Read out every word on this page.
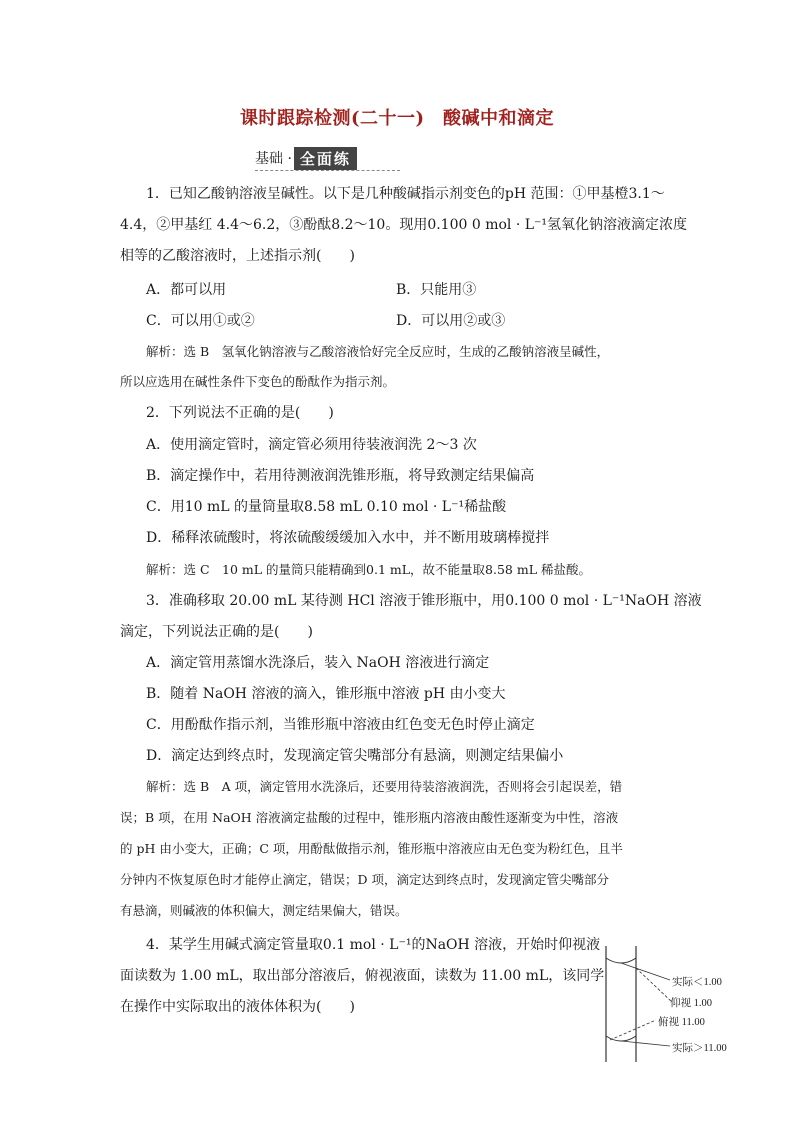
课时跟踪检测(二十一)　酸碱中和滴定
基础 · 全面练
1．已知乙酸钠溶液呈碱性。以下是几种酸碱指示剂变色的pH 范围：①甲基橙3.1～
4.4，②甲基红 4.4～6.2，③酚酞8.2～10。现用0.100 0 mol · L⁻¹氢氧化钠溶液滴定浓度
相等的乙酸溶液时，上述指示剂(　　)
A．都可以用	B．只能用③
C．可以用①或②	D．可以用②或③
解析：选 B　氢氧化钠溶液与乙酸溶液恰好完全反应时，生成的乙酸钠溶液呈碱性，
所以应选用在碱性条件下变色的酚酞作为指示剂。
2．下列说法不正确的是(　　)
A．使用滴定管时，滴定管必须用待装液润洗 2～3 次
B．滴定操作中，若用待测液润洗锥形瓶，将导致测定结果偏高
C．用10 mL 的量筒量取8.58 mL 0.10 mol · L⁻¹稀盐酸
D．稀释浓硫酸时，将浓硫酸缓缓加入水中，并不断用玻璃棒搅拌
解析：选 C　10 mL 的量筒只能精确到0.1 mL，故不能量取8.58 mL 稀盐酸。
3．准确移取 20.00 mL 某待测 HCl 溶液于锥形瓶中，用0.100 0 mol · L⁻¹NaOH 溶液
滴定，下列说法正确的是(　　)
A．滴定管用蒸馏水洗涤后，装入 NaOH 溶液进行滴定
B．随着 NaOH 溶液的滴入，锥形瓶中溶液 pH 由小变大
C．用酚酞作指示剂，当锥形瓶中溶液由红色变无色时停止滴定
D．滴定达到终点时，发现滴定管尖嘴部分有悬滴，则测定结果偏小
解析：选 B　A 项，滴定管用水洗涤后，还要用待装溶液润洗，否则将会引起误差，错
误；B 项，在用 NaOH 溶液滴定盐酸的过程中，锥形瓶内溶液由酸性逐渐变为中性，溶液
的 pH 由小变大，正确；C 项，用酚酞做指示剂，锥形瓶中溶液应由无色变为粉红色，且半
分钟内不恢复原色时才能停止滴定，错误；D 项，滴定达到终点时，发现滴定管尖嘴部分
有悬滴，则碱液的体积偏大，测定结果偏大，错误。
4．某学生用碱式滴定管量取0.1 mol · L⁻¹的NaOH 溶液，开始时仰视液
面读数为 1.00 mL，取出部分溶液后，俯视液面，读数为 11.00 mL，该同学
在操作中实际取出的液体体积为(　　)
实际＜1.00
仰视 1.00
俯视 11.00
实际＞11.00
